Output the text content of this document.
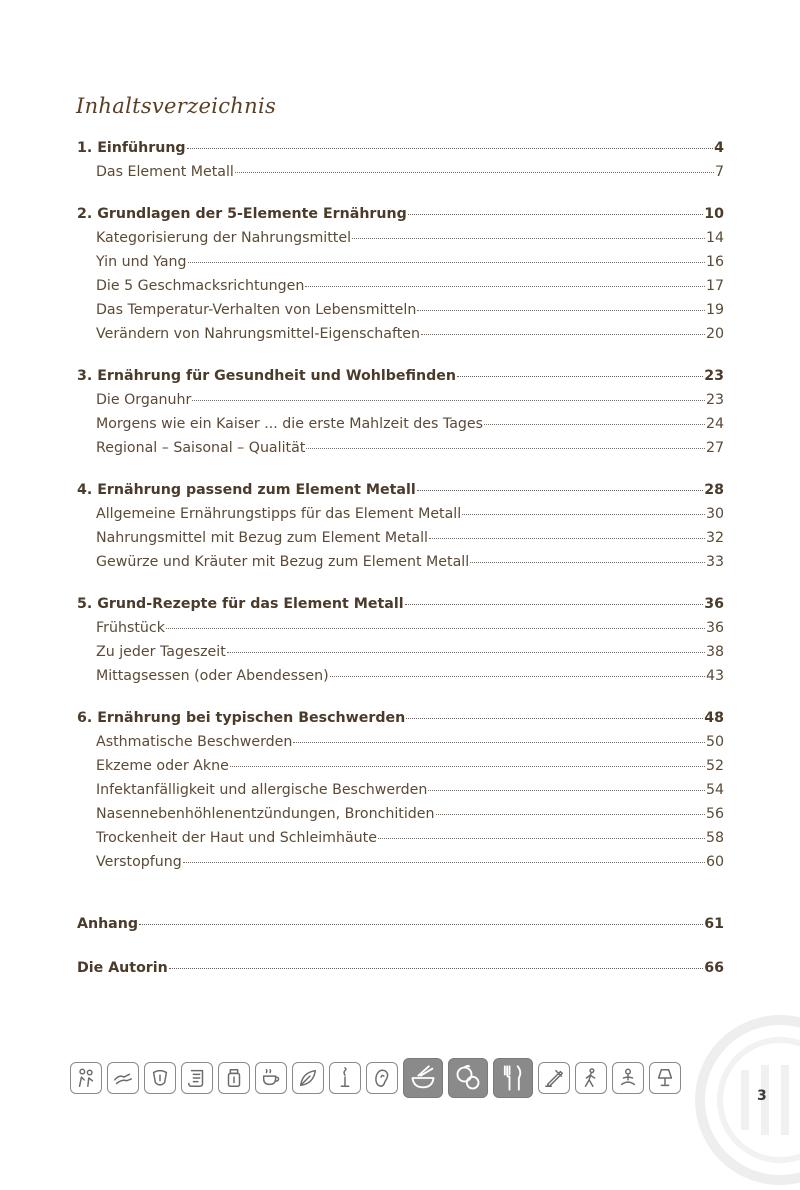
Inhaltsverzeichnis
1. Einführung	4
Das Element Metall	7
2. Grundlagen der 5-Elemente Ernährung	10
Kategorisierung der Nahrungsmittel	14
Yin und Yang	16
Die 5 Geschmacksrichtungen	17
Das Temperatur-Verhalten von Lebensmitteln	19
Verändern von Nahrungsmittel-Eigenschaften	20
3. Ernährung für Gesundheit und Wohlbefinden	23
Die Organuhr	23
Morgens wie ein Kaiser ... die erste Mahlzeit des Tages	24
Regional – Saisonal – Qualität	27
4. Ernährung passend zum Element Metall	28
Allgemeine Ernährungstipps für das Element Metall	30
Nahrungsmittel mit Bezug zum Element Metall	32
Gewürze und Kräuter mit Bezug zum Element Metall	33
5. Grund-Rezepte für das Element Metall	36
Frühstück	36
Zu jeder Tageszeit	38
Mittagsessen (oder Abendessen)	43
6. Ernährung bei typischen Beschwerden	48
Asthmatische Beschwerden	50
Ekzeme oder Akne	52
Infektanfälligkeit und allergische Beschwerden	54
Nasennebenhöhlenentzündungen, Bronchitiden	56
Trockenheit der Haut und Schleimhäute	58
Verstopfung	60
Anhang	61
Die Autorin	66
3
